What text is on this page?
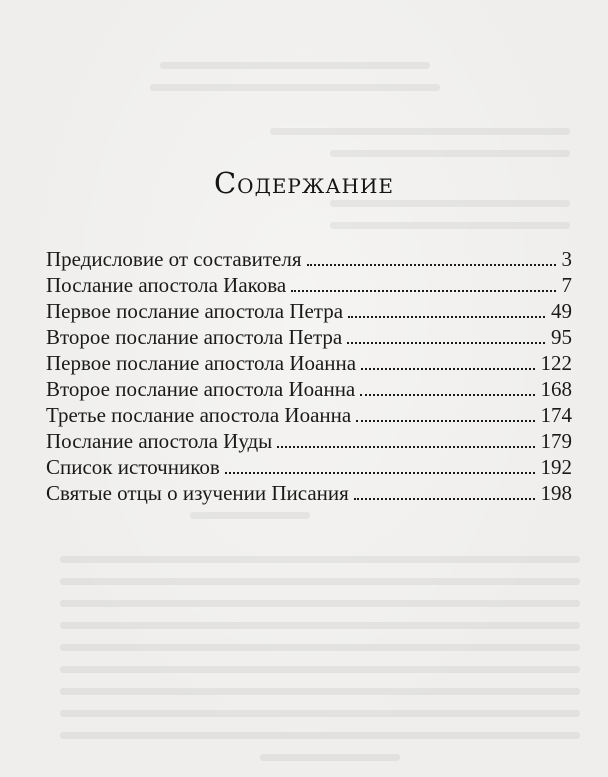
Содержание
Предисловие от составителя	3
Послание апостола Иакова	7
Первое послание апостола Петра	49
Второе послание апостола Петра	95
Первое послание апостола Иоанна	122
Второе послание апостола Иоанна	168
Третье послание апостола Иоанна	174
Послание апостола Иуды	179
Список источников	192
Святые отцы о изучении Писания	198
